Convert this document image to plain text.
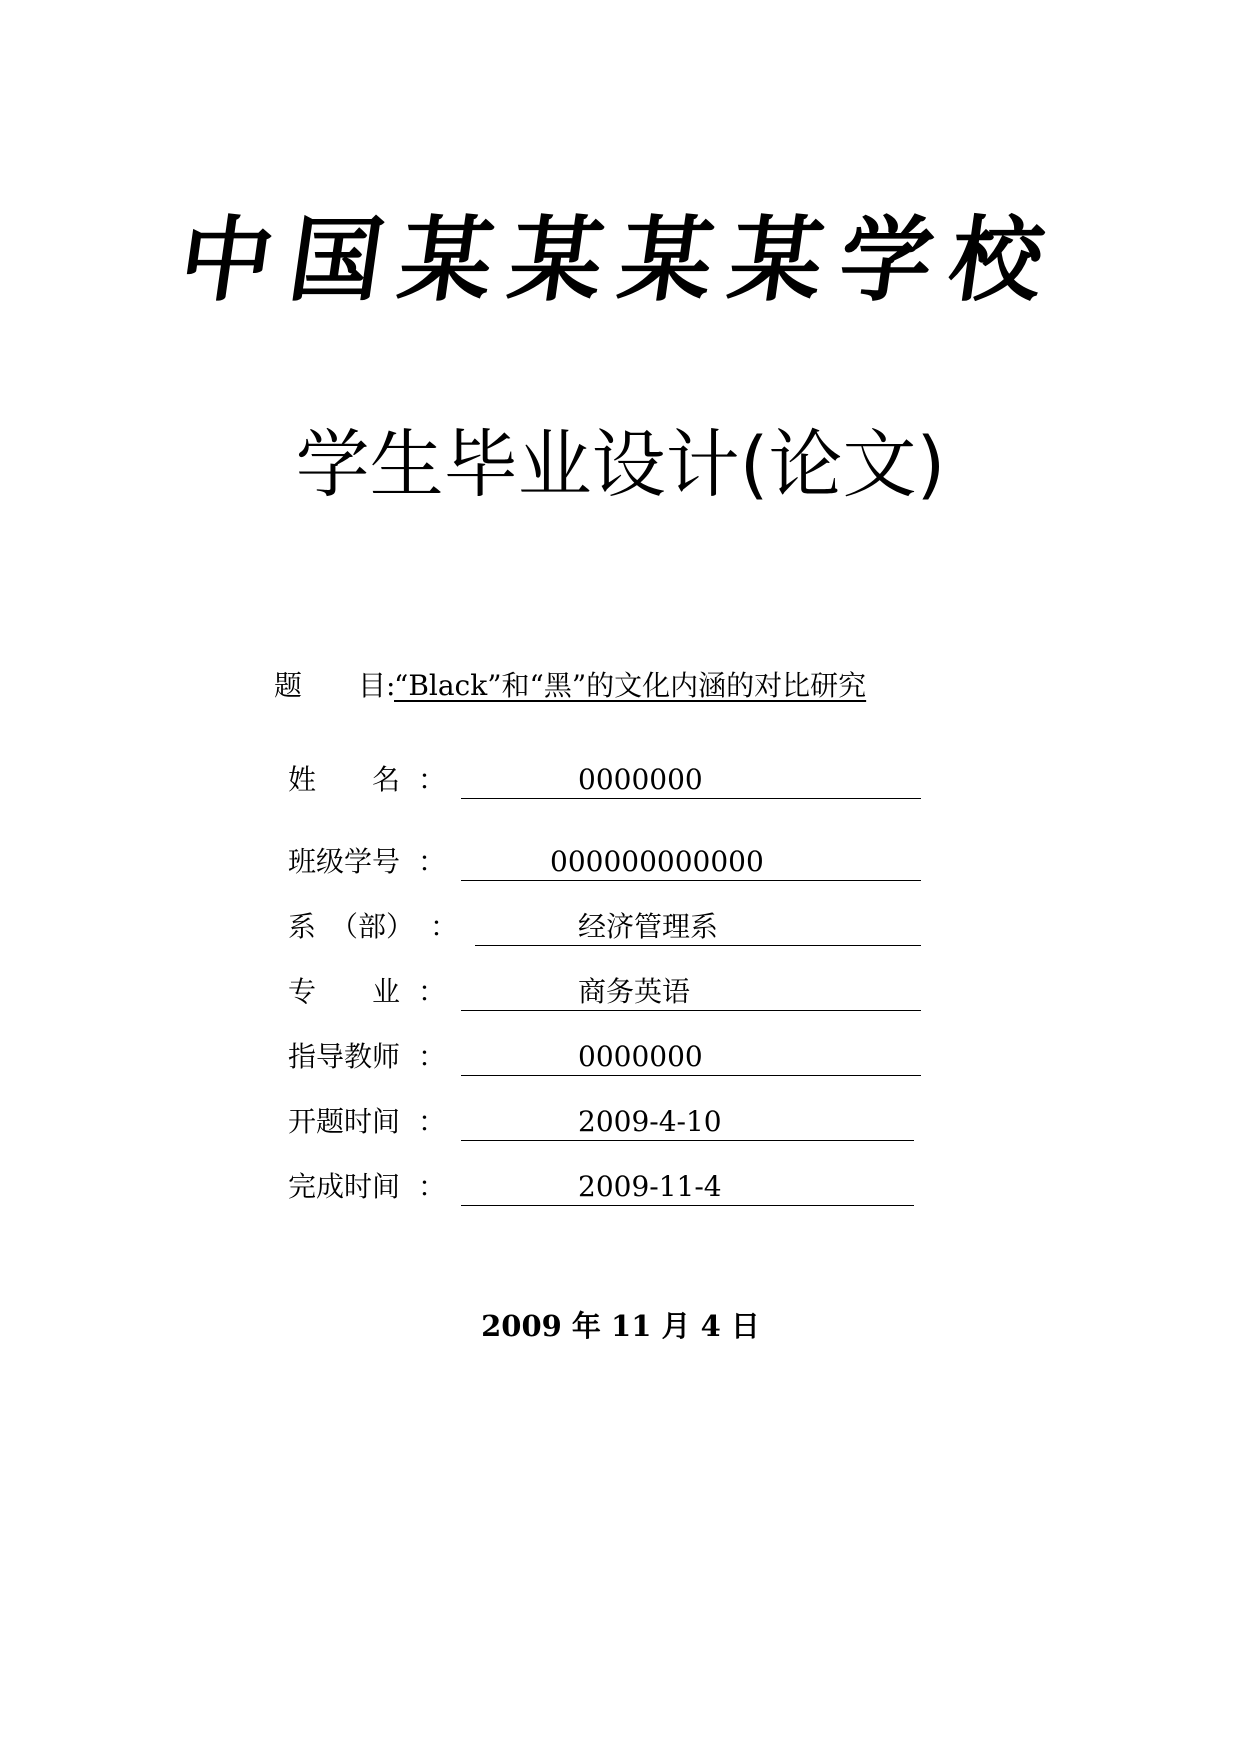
中国某某某某学校
学生毕业设计(论文)
题　　目:“Black”和“黑”的文化内涵的对比研究
姓　　名 ：	0000000
班级学号 ：	000000000000
系　（部） ：	经济管理系
专　　业 ：	商务英语
指导教师 ：	0000000
开题时间 ：	2009-4-10
完成时间 ：	2009-11-4
2009 年 11 月 4 日
